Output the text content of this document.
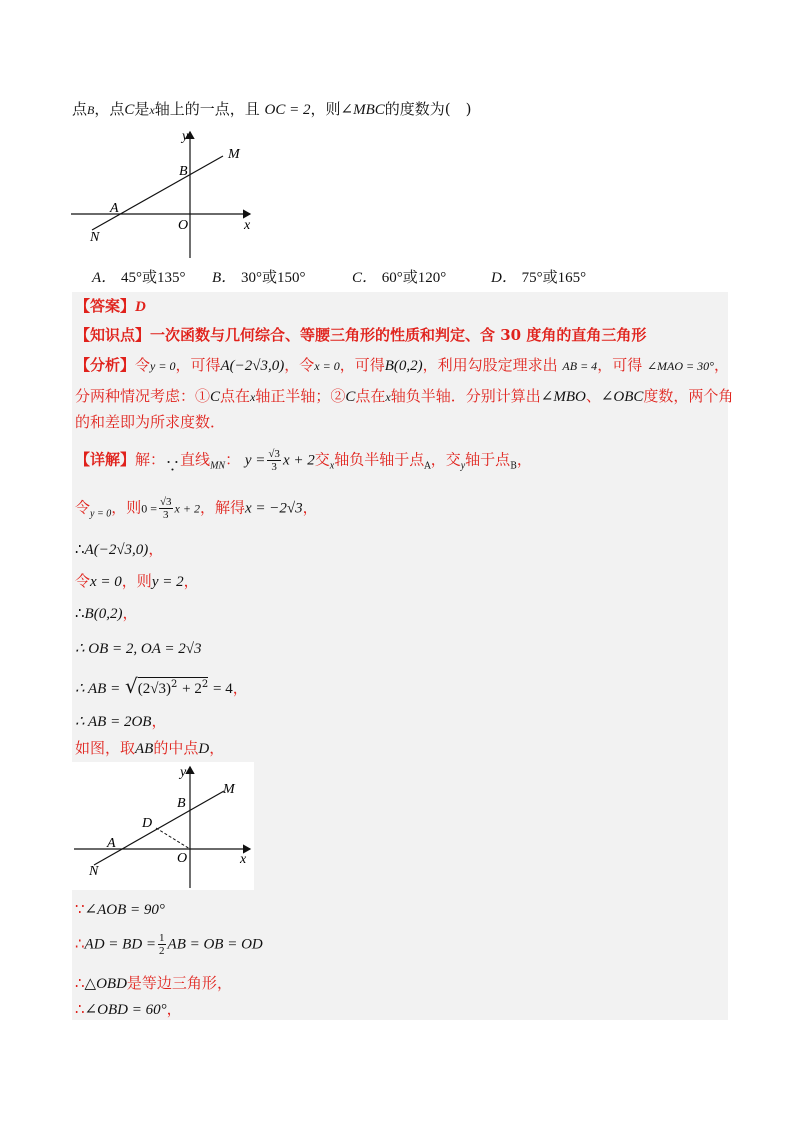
点B，点C是x轴上的一点，且 OC = 2，则∠MBC的度数为(　)
y
M
B
A
O	x
N
A． 45°或135° B． 30°或150°	C． 60°或120°	D． 75°或165°
【答案】D
【知识点】一次函数与几何综合、等腰三角形的性质和判定、含 30 度角的直角三角形
【分析】令y = 0，可得A(−2√3,0)，令x = 0，可得B(0,2)，利用勾股定理求出 AB = 4，可得 ∠MAO = 30°，
分两种情况考虑：①C点在x轴正半轴；②C点在x轴负半轴．分别计算出∠MBO、∠OBC度数，两个角
的和差即为所求度数．
【详解】解：∵直线$_{MN}$： $y = \frac{√3}{3}$ x + 2交$_x$轴负半轴于点$_A$，交$_y$轴于点$_B$，
令$_{y = 0}$，则$0 = \frac{√3}{3}$ x + 2，解得x = −2√3，
∴A(−2√3,0)，
令x = 0，则y = 2，
∴B(0,2)，
∴ OB = 2, OA = 2√3
∴ AB = $√(2√3)^2 + 2^2 = 4$，
∴ AB = 2OB，
如图，取AB的中点D，
y
M
B
D
A
O	x
N
∵∠AOB = 90°
∴AD = BD = $\frac{1}{2}$ AB = OB = OD
∴△OBD是等边三角形，
∴∠OBD = 60°，
